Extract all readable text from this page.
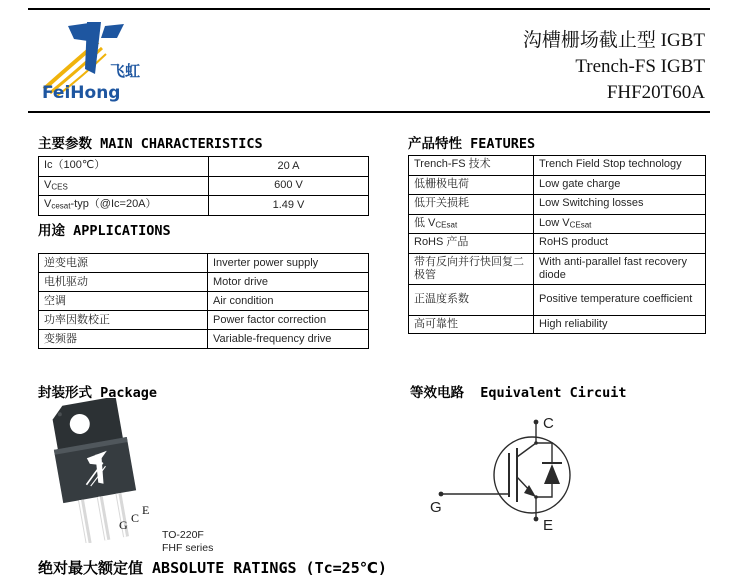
飞虹
FeiHong
沟槽栅场截止型 IGBT
Trench-FS IGBT
FHF20T60A
主要参数 MAIN CHARACTERISTICS
Ic（100℃）	20 A
VCES	600 V
Vcesat-typ（@Ic=20A）	1.49 V
用途 APPLICATIONS
逆变电源	Inverter power supply
电机驱动	Motor drive
空调	Air condition
功率因数校正	Power factor correction
变频器	Variable-frequency drive
产品特性 FEATURES
Trench-FS 技术	Trench Field Stop technology
低栅极电荷	Low gate charge
低开关损耗	Low Switching losses
低 VCEsat	Low VCEsat
RoHS 产品	RoHS product
带有反向并行快回复二极管	With anti-parallel fast recovery diode
正温度系数	Positive temperature coefficient
高可靠性	High reliability
封装形式 Package
G C
E
TO-220F
FHF series
等效电路  Equivalent Circuit
C
G
E
绝对最大额定值 ABSOLUTE RATINGS (Tc=25℃)
